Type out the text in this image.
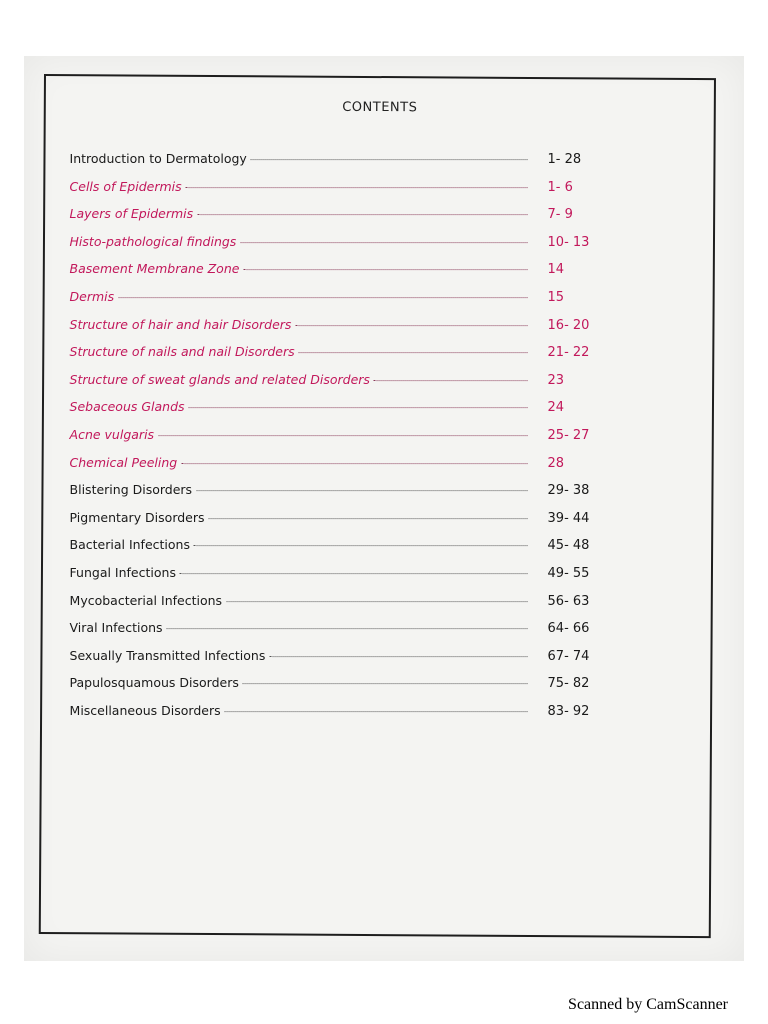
CONTENTS
Introduction to Dermatology	1- 28
Cells of Epidermis	1- 6
Layers of Epidermis	7- 9
Histo-pathological findings	10- 13
Basement Membrane Zone	14
Dermis	15
Structure of hair and hair Disorders	16- 20
Structure of nails and nail Disorders	21- 22
Structure of sweat glands and related Disorders	23
Sebaceous Glands	24
Acne vulgaris	25- 27
Chemical Peeling	28
Blistering Disorders	29- 38
Pigmentary Disorders	39- 44
Bacterial Infections	45- 48
Fungal Infections	49- 55
Mycobacterial Infections	56- 63
Viral Infections	64- 66
Sexually Transmitted Infections	67- 74
Papulosquamous Disorders	75- 82
Miscellaneous Disorders	83- 92
Scanned by CamScanner
